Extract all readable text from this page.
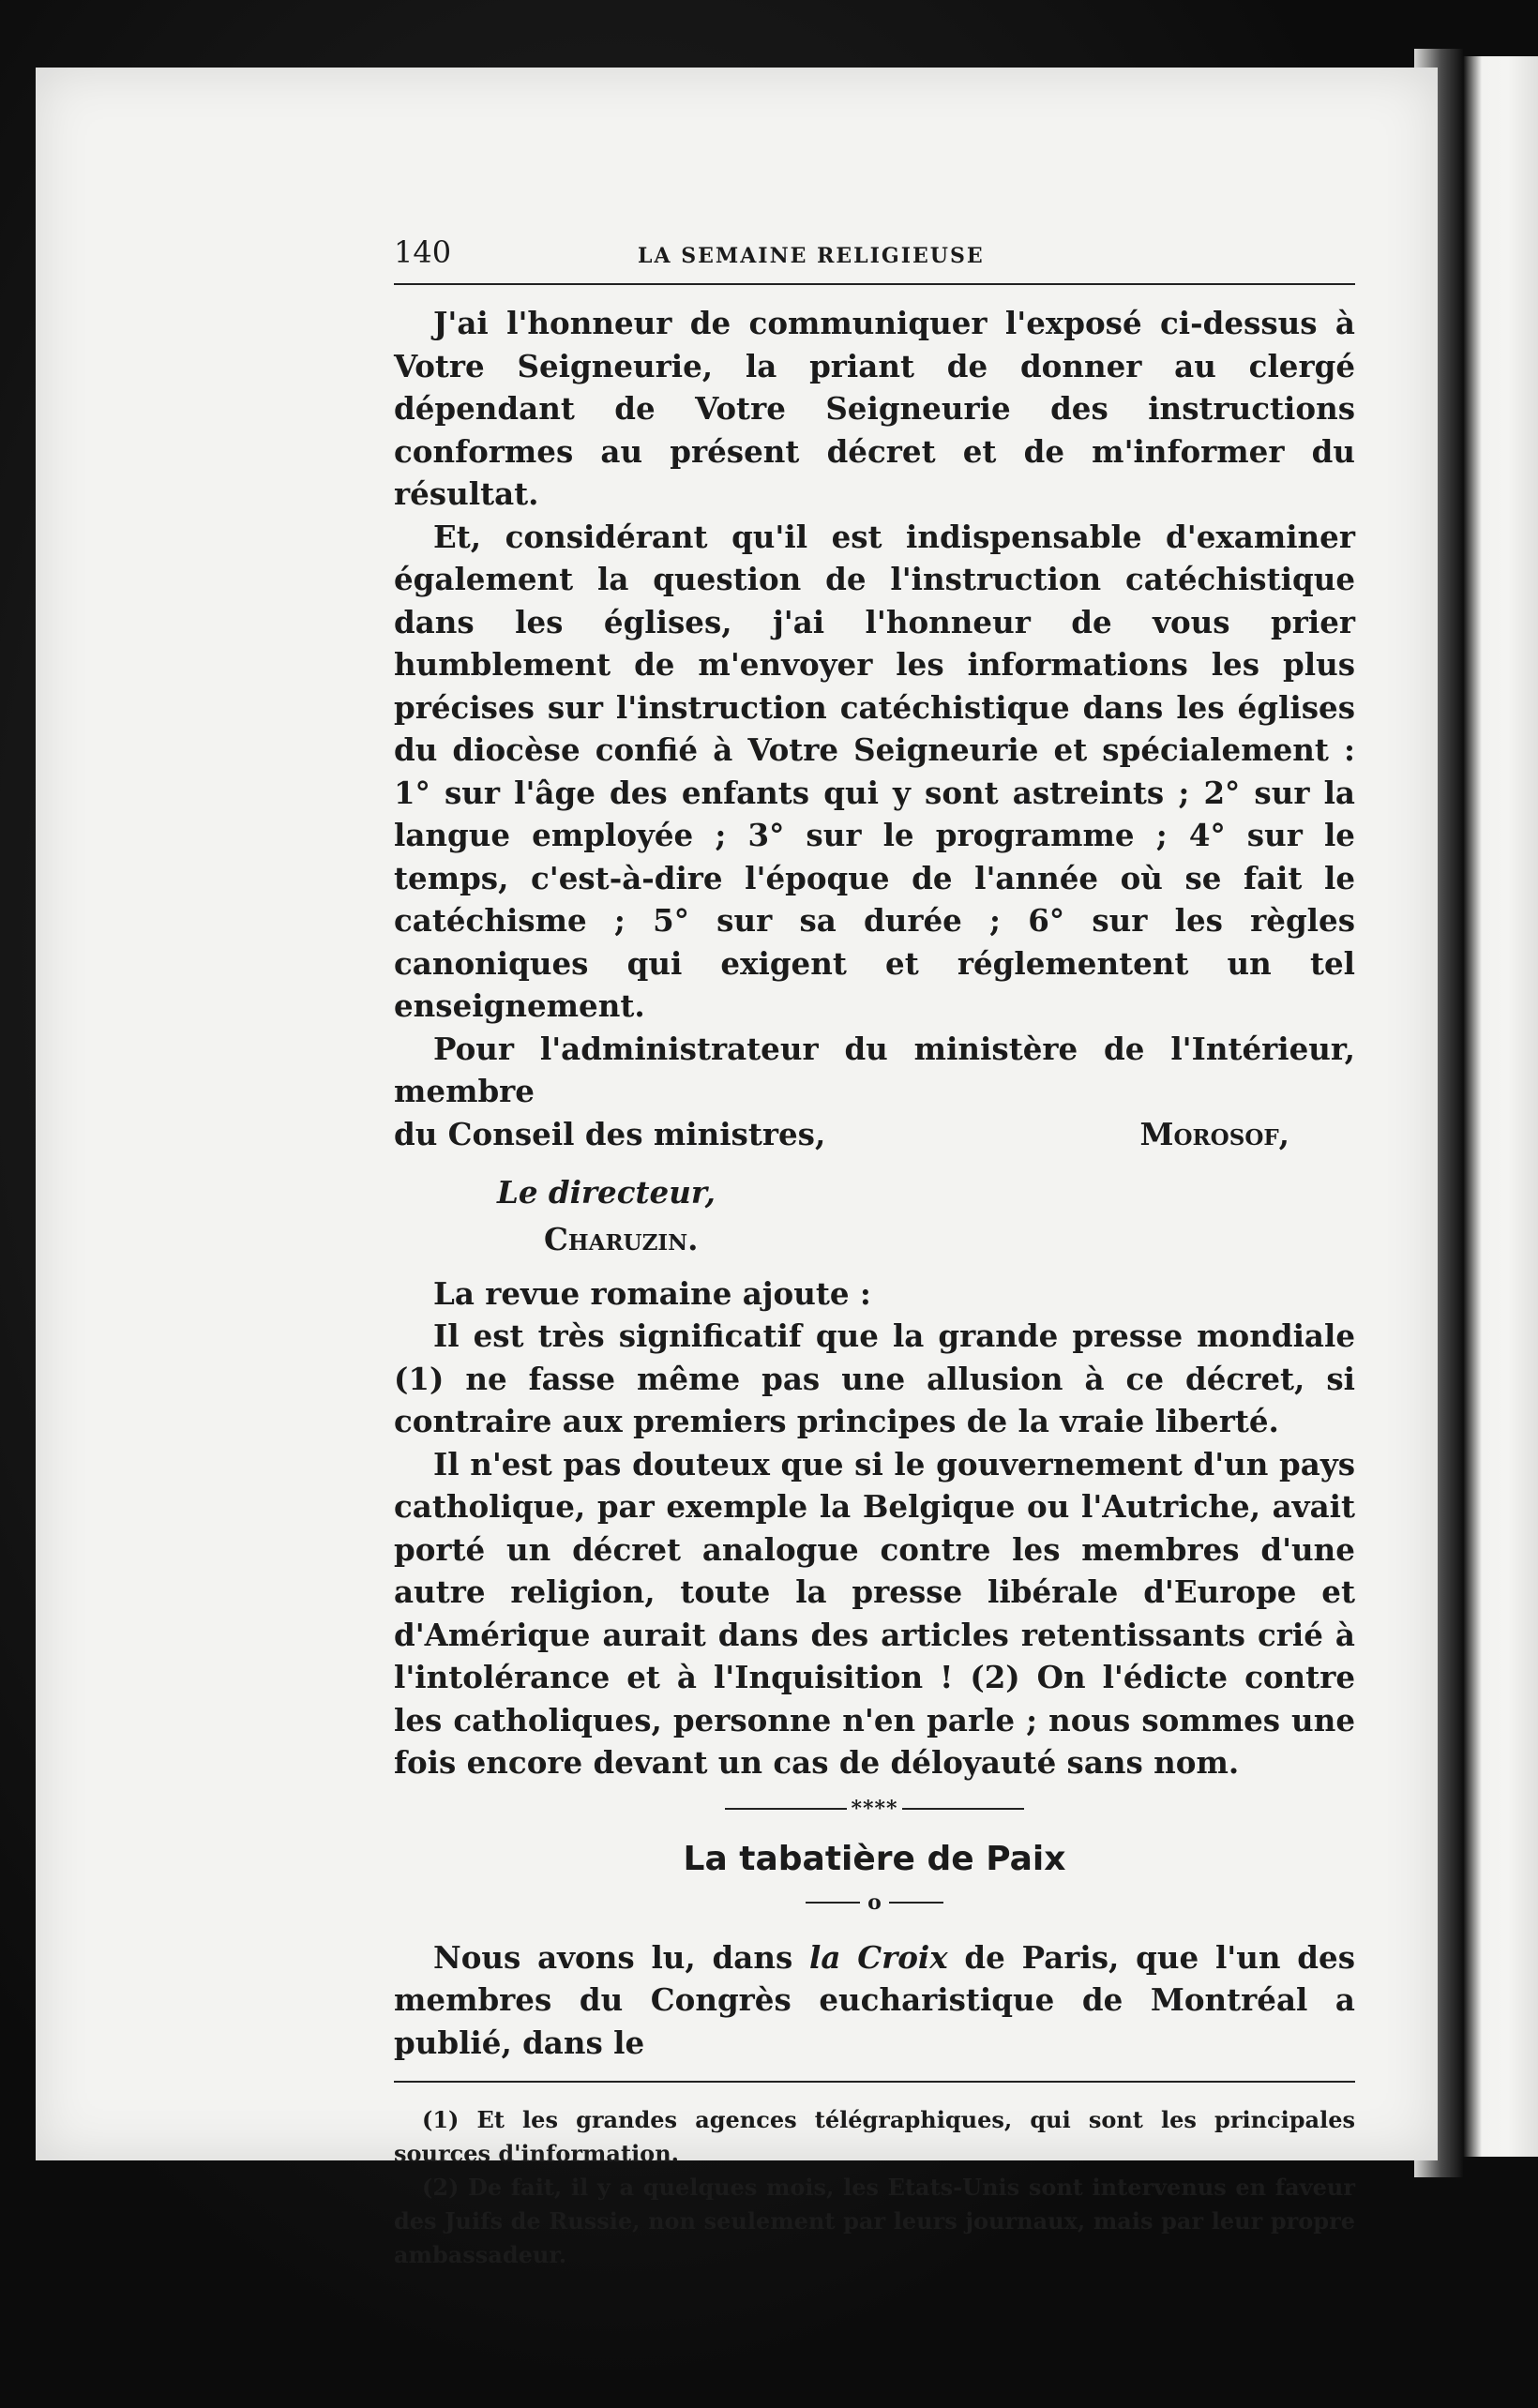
140	LA SEMAINE RELIGIEUSE

J'ai l'honneur de communiquer l'exposé ci-dessus à Votre Seigneurie, la priant de donner au clergé dépendant de Votre Seigneurie des instructions conformes au présent décret et de m'informer du résultat.

Et, considérant qu'il est indispensable d'examiner également la question de l'instruction catéchistique dans les églises, j'ai l'honneur de vous prier humblement de m'envoyer les informations les plus précises sur l'instruction catéchistique dans les églises du diocèse confié à Votre Seigneurie et spécialement : 1° sur l'âge des enfants qui y sont astreints ; 2° sur la langue employée ; 3° sur le programme ; 4° sur le temps, c'est-à-dire l'époque de l'année où se fait le catéchisme ; 5° sur sa durée ; 6° sur les règles canoniques qui exigent et réglementent un tel enseignement.

Pour l'administrateur du ministère de l'Intérieur, membre

du Conseil des ministres,	Morosof,
Le directeur,
Charuzin.

La revue romaine ajoute :

Il est très significatif que la grande presse mondiale (1) ne fasse même pas une allusion à ce décret, si contraire aux premiers principes de la vraie liberté.

Il n'est pas douteux que si le gouvernement d'un pays catholique, par exemple la Belgique ou l'Autriche, avait porté un décret analogue contre les membres d'une autre religion, toute la presse libérale d'Europe et d'Amérique aurait dans des articles retentissants crié à l'intolérance et à l'Inquisition ! (2) On l'édicte contre les catholiques, personne n'en parle ; nous sommes une fois encore devant un cas de déloyauté sans nom.

****
La tabatière de Paix
o

Nous avons lu, dans la Croix de Paris, que l'un des membres du Congrès eucharistique de Montréal a publié, dans le

(1) Et les grandes agences télégraphiques, qui sont les principales sources d'information.

(2) De fait, il y a quelques mois, les Etats-Unis sont intervenus en faveur des Juifs de Russie, non seulement par leurs journaux, mais par leur propre ambassadeur.
